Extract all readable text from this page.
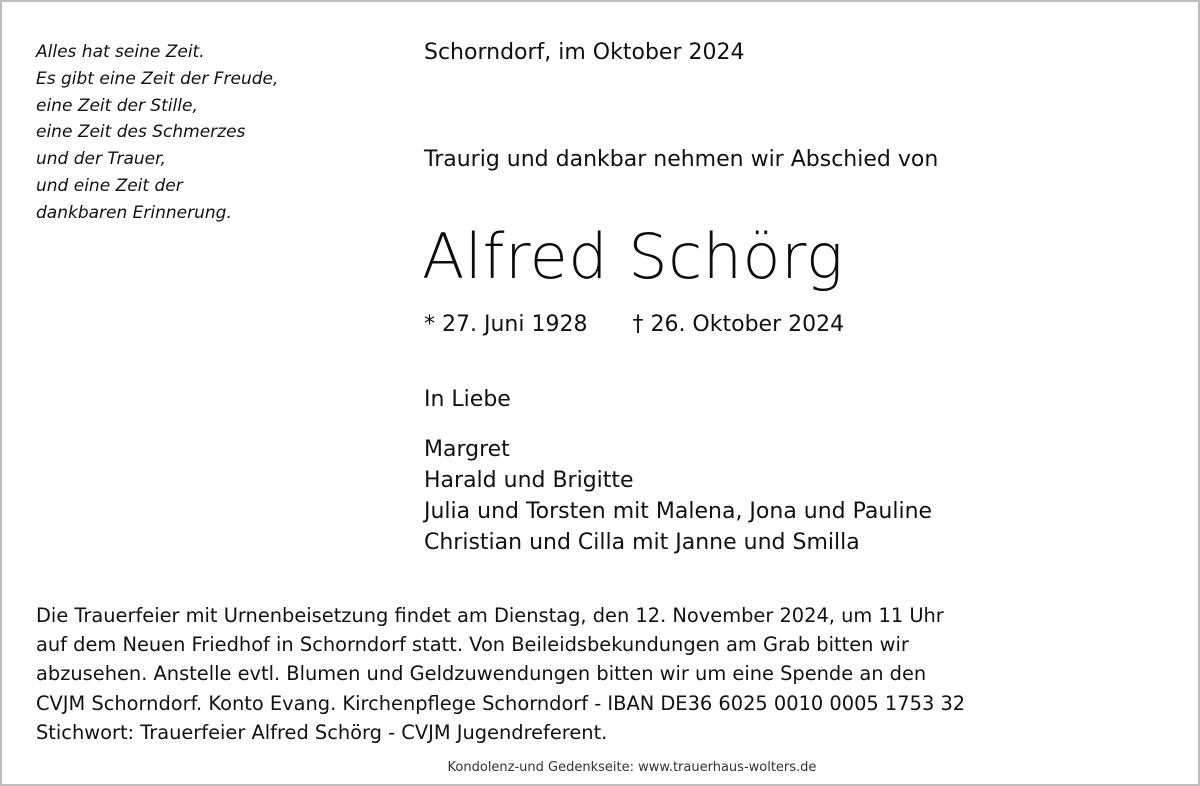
Alles hat seine Zeit.
Es gibt eine Zeit der Freude,
eine Zeit der Stille,
eine Zeit des Schmerzes
und der Trauer,
und eine Zeit der
dankbaren Erinnerung.
Schorndorf, im Oktober 2024
Traurig und dankbar nehmen wir Abschied von
Alfred Schörg
* 27. Juni 1928 † 26. Oktober 2024
In Liebe
Margret
Harald und Brigitte
Julia und Torsten mit Malena, Jona und Pauline
Christian und Cilla mit Janne und Smilla
Die Trauerfeier mit Urnenbeisetzung findet am Dienstag, den 12. November 2024, um 11 Uhr
auf dem Neuen Friedhof in Schorndorf statt. Von Beileidsbekundungen am Grab bitten wir
abzusehen. Anstelle evtl. Blumen und Geldzuwendungen bitten wir um eine Spende an den
CVJM Schorndorf. Konto Evang. Kirchenpflege Schorndorf - IBAN DE36 6025 0010 0005 1753 32
Stichwort: Trauerfeier Alfred Schörg - CVJM Jugendreferent.
Kondolenz-und Gedenkseite: www.trauerhaus-wolters.de
